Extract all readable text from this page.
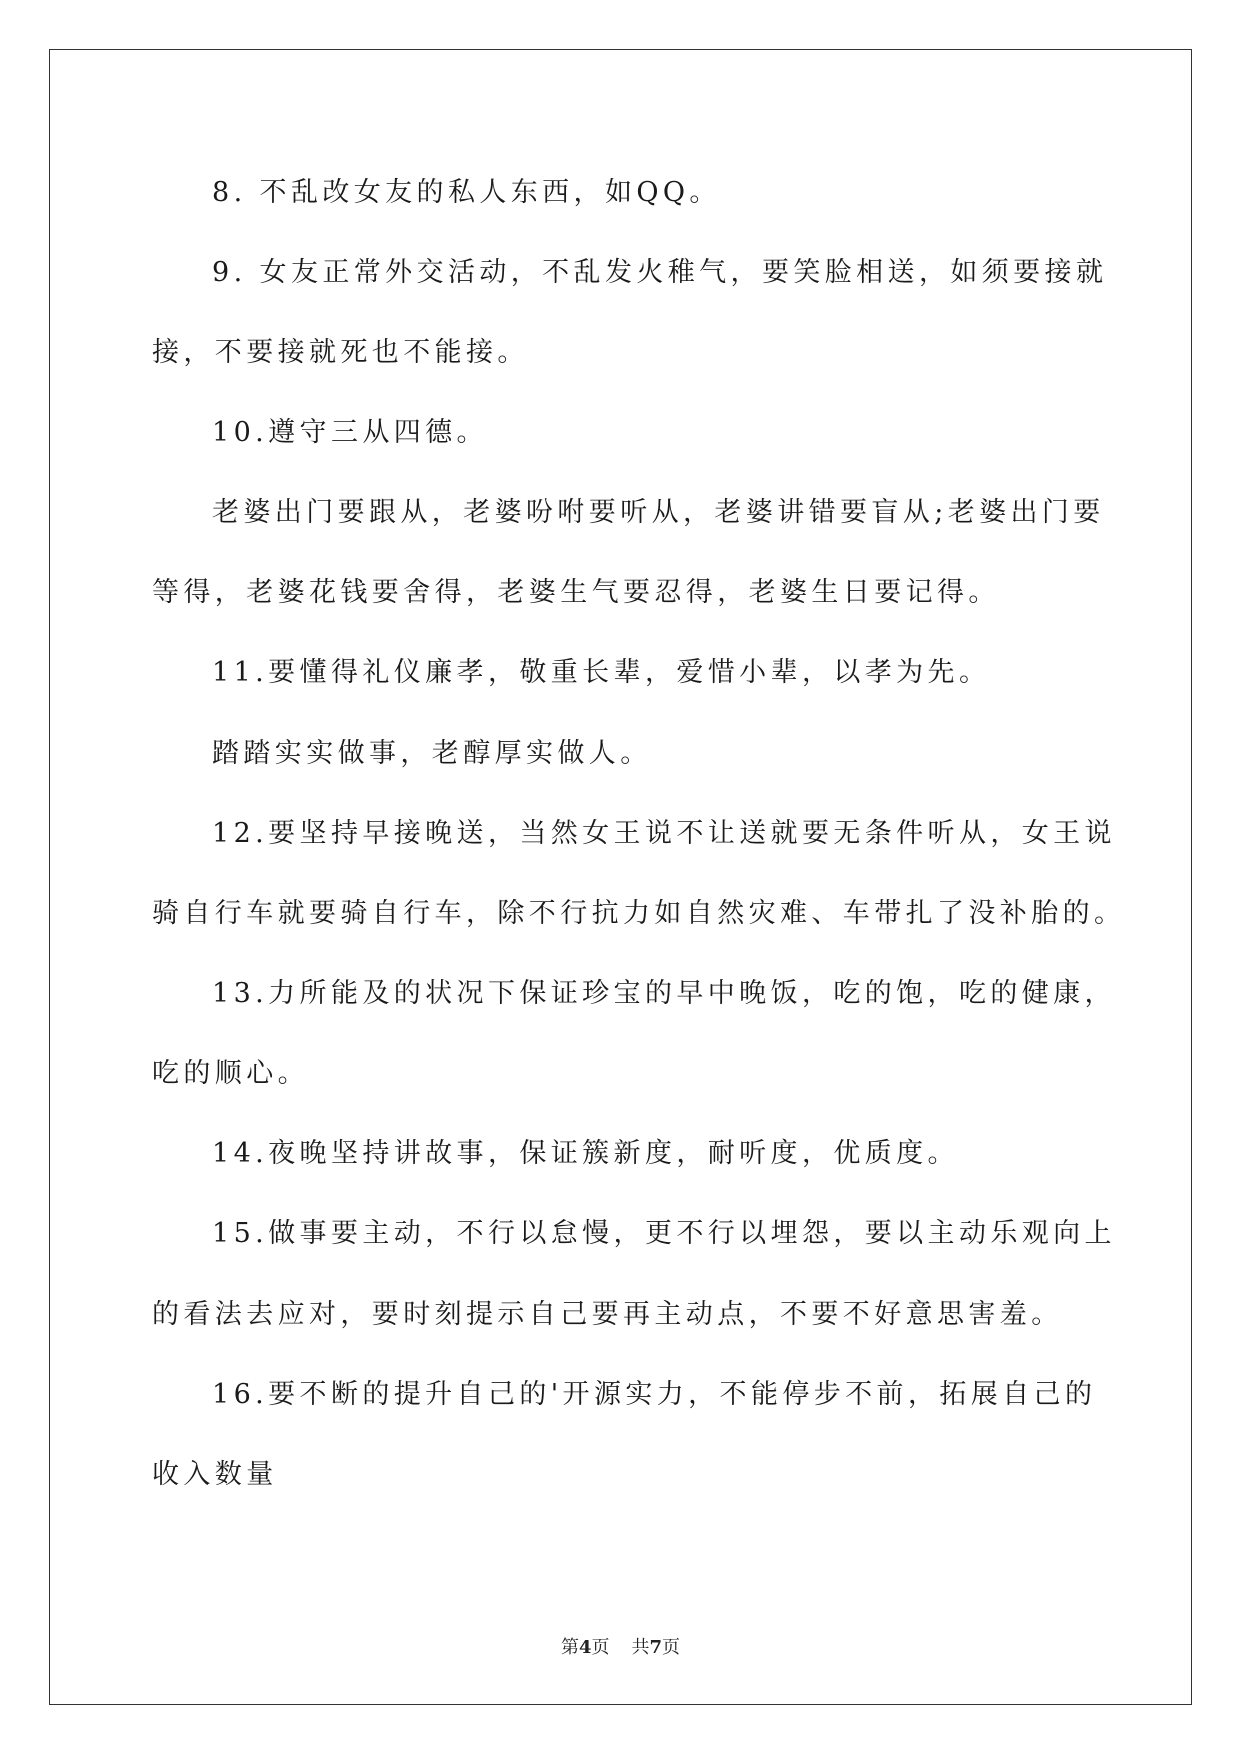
8. 不乱改女友的私人东西，如QQ。
9. 女友正常外交活动，不乱发火稚气，要笑脸相送，如须要接就
接，不要接就死也不能接。
10.遵守三从四德。
老婆出门要跟从，老婆吩咐要听从，老婆讲错要盲从;老婆出门要
等得，老婆花钱要舍得，老婆生气要忍得，老婆生日要记得。
11.要懂得礼仪廉孝，敬重长辈，爱惜小辈，以孝为先。
踏踏实实做事，老醇厚实做人。
12.要坚持早接晚送，当然女王说不让送就要无条件听从，女王说
骑自行车就要骑自行车，除不行抗力如自然灾难、车带扎了没补胎的。
13.力所能及的状况下保证珍宝的早中晚饭，吃的饱，吃的健康，
吃的顺心。
14.夜晚坚持讲故事，保证簇新度，耐听度，优质度。
15.做事要主动，不行以怠慢，更不行以埋怨，要以主动乐观向上
的看法去应对，要时刻提示自己要再主动点，不要不好意思害羞。
16.要不断的提升自己的'开源实力，不能停步不前，拓展自己的
收入数量
第4页 共7页
